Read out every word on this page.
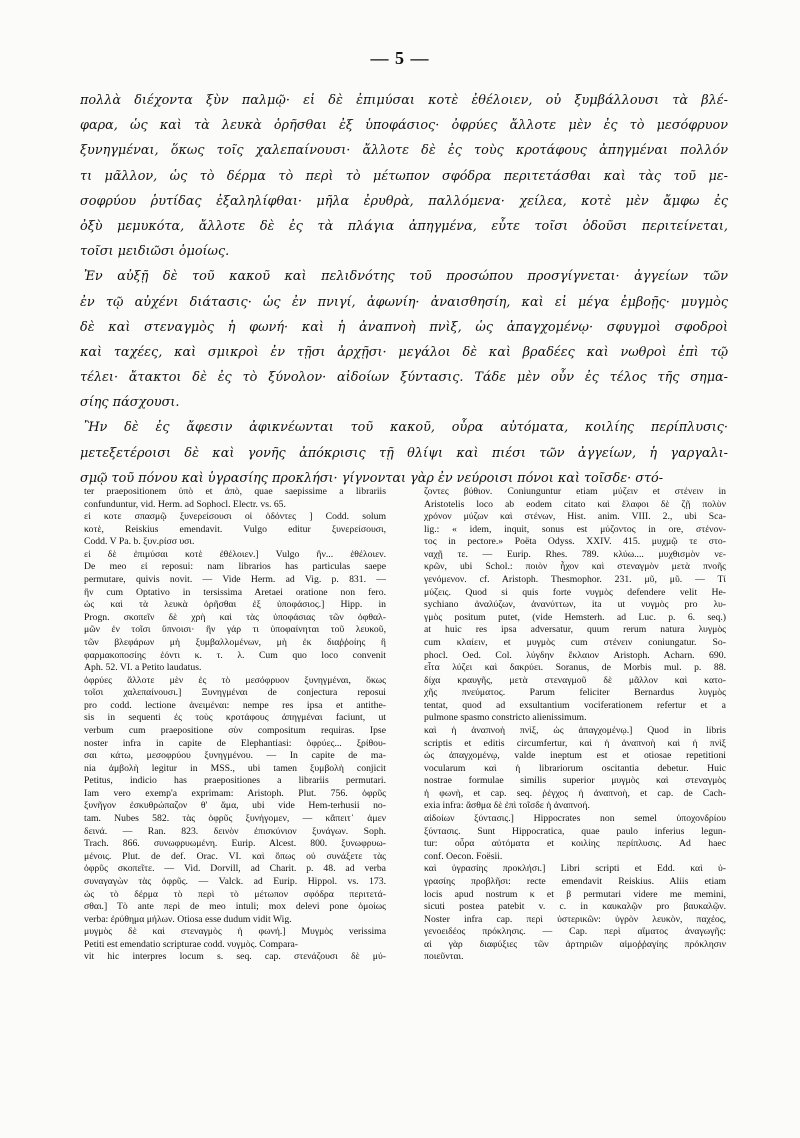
— 5 —

πολλὰ διέχοντα ξὺν παλμῷ· εἰ δὲ ἐπιμύσαι κοτὲ ἐθέλοιεν, οὐ ξυμβάλλουσι τὰ βλέ-

φαρα, ὡς καὶ τὰ λευκὰ ὁρῆσθαι ἐξ ὑποφάσιος· ὀφρύες ἄλλοτε μὲν ἐς τὸ μεσόφρυον

ξυνηγμέναι, ὅκως τοῖς χαλεπαίνουσι· ἄλλοτε δὲ ἐς τοὺς κροτάφους ἀπηγμέναι πολλόν

τι μᾶλλον, ὡς τὸ δέρμα τὸ περὶ τὸ μέτωπον σφόδρα περιτετάσθαι καὶ τὰς τοῦ με-

σοφρύου ῥυτίδας ἐξαληλίφθαι· μῆλα ἐρυθρὰ, παλλόμενα· χείλεα, κοτὲ μὲν ἄμφω ἐς

ὀξὺ μεμυκότα, ἄλλοτε δὲ ἐς τὰ πλάγια ἀπηγμένα, εὖτε τοῖσι ὀδοῦσι περιτείνεται,

τοῖσι μειδιῶσι ὁμοίως.

Ἐν αὐξῇ δὲ τοῦ κακοῦ καὶ πελιδνότης τοῦ προσώπου προσγίγνεται· ἀγγείων τῶν

ἐν τῷ αὐχένι διάτασις· ὡς ἐν πνιγί, ἀφωνίη· ἀναισθησίη, καὶ εἰ μέγα ἐμβοῇς· μυγμὸς

δὲ καὶ στεναγμὸς ἡ φωνή· καὶ ἡ ἀναπνοὴ πνὶξ, ὡς ἀπαγχομένῳ· σφυγμοὶ σφοδροὶ

καὶ ταχέες, καὶ σμικροὶ ἐν τῇσι ἀρχῇσι· μεγάλοι δὲ καὶ βραδέες καὶ νωθροὶ ἐπὶ τῷ

τέλει· ἄτακτοι δὲ ἐς τὸ ξύνολον· αἰδοίων ξύντασις. Τάδε μὲν οὖν ἐς τέλος τῆς σημα-

σίης πάσχουσι.

Ἢν δὲ ἐς ἄφεσιν ἀφικνέωνται τοῦ κακοῦ, οὖρα αὐτόματα, κοιλίης περίπλυσις·

μετεξετέροισι δὲ καὶ γονῆς ἀπόκρισις τῇ θλίψι καὶ πιέσι τῶν ἀγγείων, ἡ γαργαλι-

σμῷ τοῦ πόνου καὶ ὑγρασίης προκλήσι· γίγνονται γὰρ ἐν νεύροισι πόνοι καὶ τοῖσδε· στό-

ter praepositionem ὑπὸ et ἀπὸ, quae saepissime a librariis

confunduntur, vid. Herm. ad Sophocl. Electr. vs. 65.

εἰ κοτε σπασμῷ ξυνερείσουσι οἱ ὀδόντες ] Codd. solum

κοτὲ, Reiskius emendavit. Vulgo editur ξυνερείσουσι,

Codd. V Pa. b. ξυν.ρίσσ υσι.

εἰ δὲ ἐπιμύσαι κοτὲ ἐθέλοιεν.] Vulgo ἢν... ἐθέλοιεν.

De meo εἰ reposui: nam librarios has particulas saepe

permutare, quivis novit. — Vide Herm. ad Vig. p. 831. —

ἢν cum Optativo in tersissima Aretaei oratione non fero.

ὡς καὶ τὰ λευκὰ ὁρῆσθαι ἐξ ὑποφάσιος.] Hipp. in

Progn. σκοπεῖν δὲ χρὴ καὶ τὰς ὑποφάσιας τῶν ὀφθαλ-

μῶν ἐν τοῖσι ὕπνοισι· ἢν γάρ τι ὑποφαίνηται τοῦ λευκοῦ,

τῶν βλεφάρων μὴ ξυμβαλλομένων, μὴ ἐκ διαῤῥοίης ἢ

φαρμακοποσίης ἐόντι κ. τ. λ. Cum quo loco convenit

Aph. 52. VI. a Petito laudatus.

ὀφρύες ἄλλοτε μὲν ἐς τὸ μεσόφρυον ξυνηγμέναι, ὅκως

τοῖσι χαλεπαίνουσι.] Ξυνηγμέναι de conjectura reposui

pro codd. lectione ἀνειμέναι: nempe res ipsa et antithe-

sis in sequenti ἐς τοὺς κροτάφους ἀπηγμέναι faciunt, ut

verbum cum praepositione σὺν compositum requiras. Ipse

noster infra in capite de Elephantiasi: ὀφρύες... ξρίθου-

σαι κάτω, μεσοφρύου ξυνηγμένου. — In capite de ma-

nia ἀμβολὴ legitur in MSS., ubi tamen ξυμβολὴ conjicit

Petitus, indicio has praepositiones a librariis permutari.

Iam vero exemp'a exprimam: Aristoph. Plut. 756. ὀφρῦς

ξυνῆγον ἐσκυθρώπαζον θ' ἅμα, ubi vide Hem-terhusii no-

tam. Nubes 582. τὰς ὀφρῦς ξυνήγομεν, — κἄπειτ᾽ ἀμεν

δεινά. — Ran. 823. δεινὸν ἐπισκύνιον ξυνάγων. Soph.

Trach. 866. συνωφρυωμένη. Eurip. Alcest. 800. ξυνωφρυω-

μένοις. Plut. de def. Orac. VI. καὶ ὅπως οὐ συνάξετε τὰς

ὀφρῦς σκοπεῖτε. — Vid. Dorvill, ad Charit. p. 48. ad verba

συναγαγὼν τὰς ὀφρῦς. — Valck. ad Eurip. Hippol. vs. 173.

ὡς τὸ δέρμα τὸ περὶ τὸ μέτωπον σφόδρα περιτετά-

σθαι.] Τὸ ante περὶ de meo intuli; mox delevi pone ὁμοίως

verba: ἐρύθημα μήλων. Otiosa esse dudum vidit Wig.

μυγμὸς δὲ καὶ στεναγμὸς ἡ φωνή.] Μυγμὸς verissima

Petiti est emendatio scripturae codd. νυγμὸς. Compara-

vit hic interpres locum s. seq. cap. στενάζουσι δὲ μύ-

ζοντες βύθιον. Coniunguntur etiam μύζειν et στένειν in

Aristotelis loco ab eodem citato καὶ ἔλαφοι δὲ ζῇ πολὺν

χρόνον μύζων καὶ στένων, Hist. anim. VIII. 2., ubi Sca-

lig.: « idem, inquit, sonus est μύζοντος in ore, στένον-

τος in pectore.» Poëta Odyss. XXIV. 415. μυχμῷ τε στο-

ναχῇ τε. — Eurip. Rhes. 789. κλύω.... μυχθισμὸν νε-

κρῶν, ubi Schol.: ποιὸν ἦχον καὶ στεναγμὸν μετὰ πνοῆς

γενόμενον. cf. Aristoph. Thesmophor. 231. μῦ, μῦ. — Τί

μύζεις. Quod si quis forte νυγμὸς defendere velit He-

sychiano ἀναλύζων, ἀνανύττων, ita ut νυγμὸς pro λυ-

γμὸς positum putet, (vide Hemsterh. ad Luc. p. 6. seq.)

at huic res ipsa adversatur, quum rerum natura λυγμὸς

cum κλαίειν, et μυγμὸς cum στένειν coniungatur. So-

phocl. Oed. Col. λύγδην ἔκλαιον Aristoph. Acharn. 690.

εἶτα λύζει καὶ δακρύει. Soranus, de Morbis mul. p. 88.

δίχα κραυγῆς, μετὰ στεναγμοῦ δὲ μᾶλλον καὶ κατο-

χῆς πνεύματος. Parum feliciter Bernardus λυγμὸς

tentat, quod ad exsultantium vociferationem refertur et a

pulmone spasmo constricto alienissimum.

καὶ ἡ ἀναπνοὴ πνὶξ, ὡς ἀπαγχομένῳ.] Quod in libris

scriptis et editis circumfertur, καὶ ἡ ἀναπνοὴ καὶ ἡ πνὶξ

ὡς ἀπαγχομένῳ, valde ineptum est et otiosae repetitioni

vocularum καὶ ἡ librariorum oscitantia debetur. Huic

nostrae formulae similis superior μυγμὸς καὶ στεναγμὸς

ἡ φωνὴ, et cap. seq. ῥέγχος ἡ ἀναπνοὴ, et cap. de Cach-

exia infra: ἄσθμα δὲ ἐπὶ τοῖσδε ἡ ἀναπνοή.

αἰδοίων ξύντασις.] Hippocrates non semel ὑποχονδρίου

ξύντασις. Sunt Hippocratica, quae paulo inferius legun-

tur: οὖρα αὐτόματα et κοιλίης περίπλυσις. Ad haec

conf. Oecon. Foësii.

καὶ ὑγρασίης προκλήσι.] Libri scripti et Edd. καὶ ὑ-

γρασίης προβλῆσι: recte emendavit Reiskius. Aliis etiam

locis apud nostrum κ et β permutari videre me memini,

sicuti postea patebit v. c. in καυκαλῷν pro βαυκαλῷν.

Noster infra cap. περὶ ὑστερικῶν: ὑγρὸν λευκὸν, παχέος,

γενοειδέος πρόκλησις. — Cap. περὶ αἵματος ἀναγωγῆς:

αἱ γὰρ διαφύξιες τῶν ἀρτηριῶν αἱμοῤῥαγίης πρόκλησιν

ποιεῦνται.
